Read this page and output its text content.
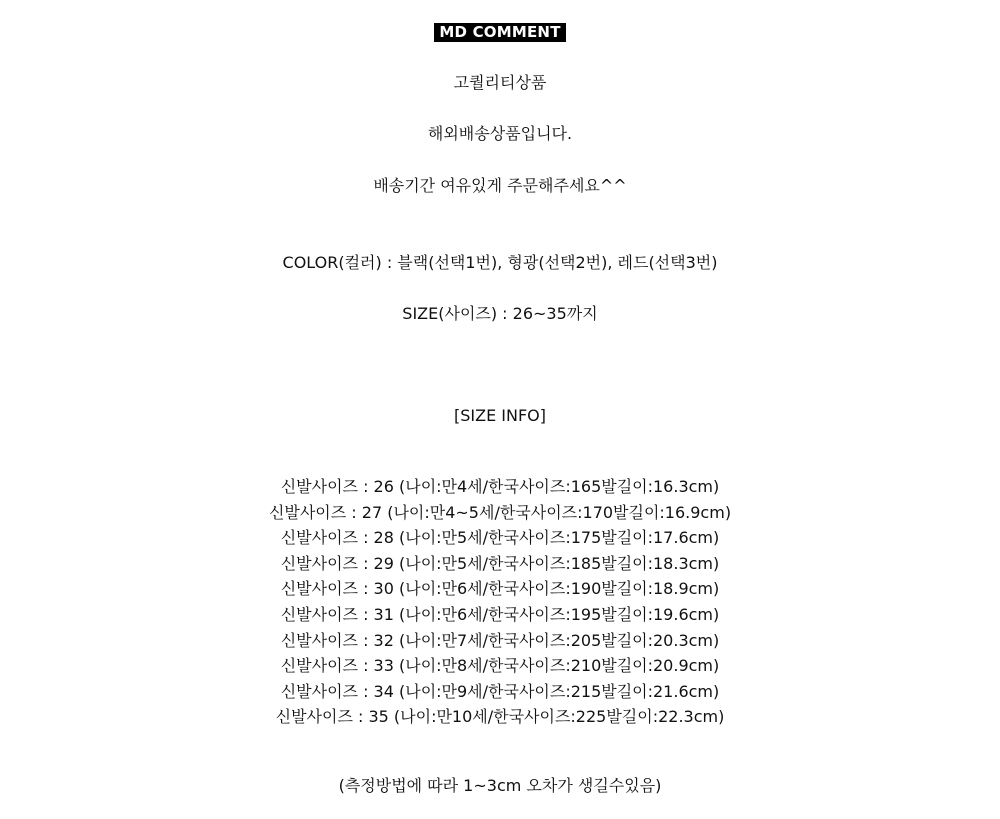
MD COMMENT
고퀄리티상품
해외배송상품입니다.
배송기간 여유있게 주문해주세요^^
COLOR(컬러) : 블랙(선택1번), 형광(선택2번), 레드(선택3번)
SIZE(사이즈) : 26~35까지
[SIZE INFO]
신발사이즈 : 26 (나이:만4세/한국사이즈:165발길이:16.3cm)
신발사이즈 : 27 (나이:만4~5세/한국사이즈:170발길이:16.9cm)
신발사이즈 : 28 (나이:만5세/한국사이즈:175발길이:17.6cm)
신발사이즈 : 29 (나이:만5세/한국사이즈:185발길이:18.3cm)
신발사이즈 : 30 (나이:만6세/한국사이즈:190발길이:18.9cm)
신발사이즈 : 31 (나이:만6세/한국사이즈:195발길이:19.6cm)
신발사이즈 : 32 (나이:만7세/한국사이즈:205발길이:20.3cm)
신발사이즈 : 33 (나이:만8세/한국사이즈:210발길이:20.9cm)
신발사이즈 : 34 (나이:만9세/한국사이즈:215발길이:21.6cm)
신발사이즈 : 35 (나이:만10세/한국사이즈:225발길이:22.3cm)
(측정방법에 따라 1~3cm 오차가 생길수있음)
